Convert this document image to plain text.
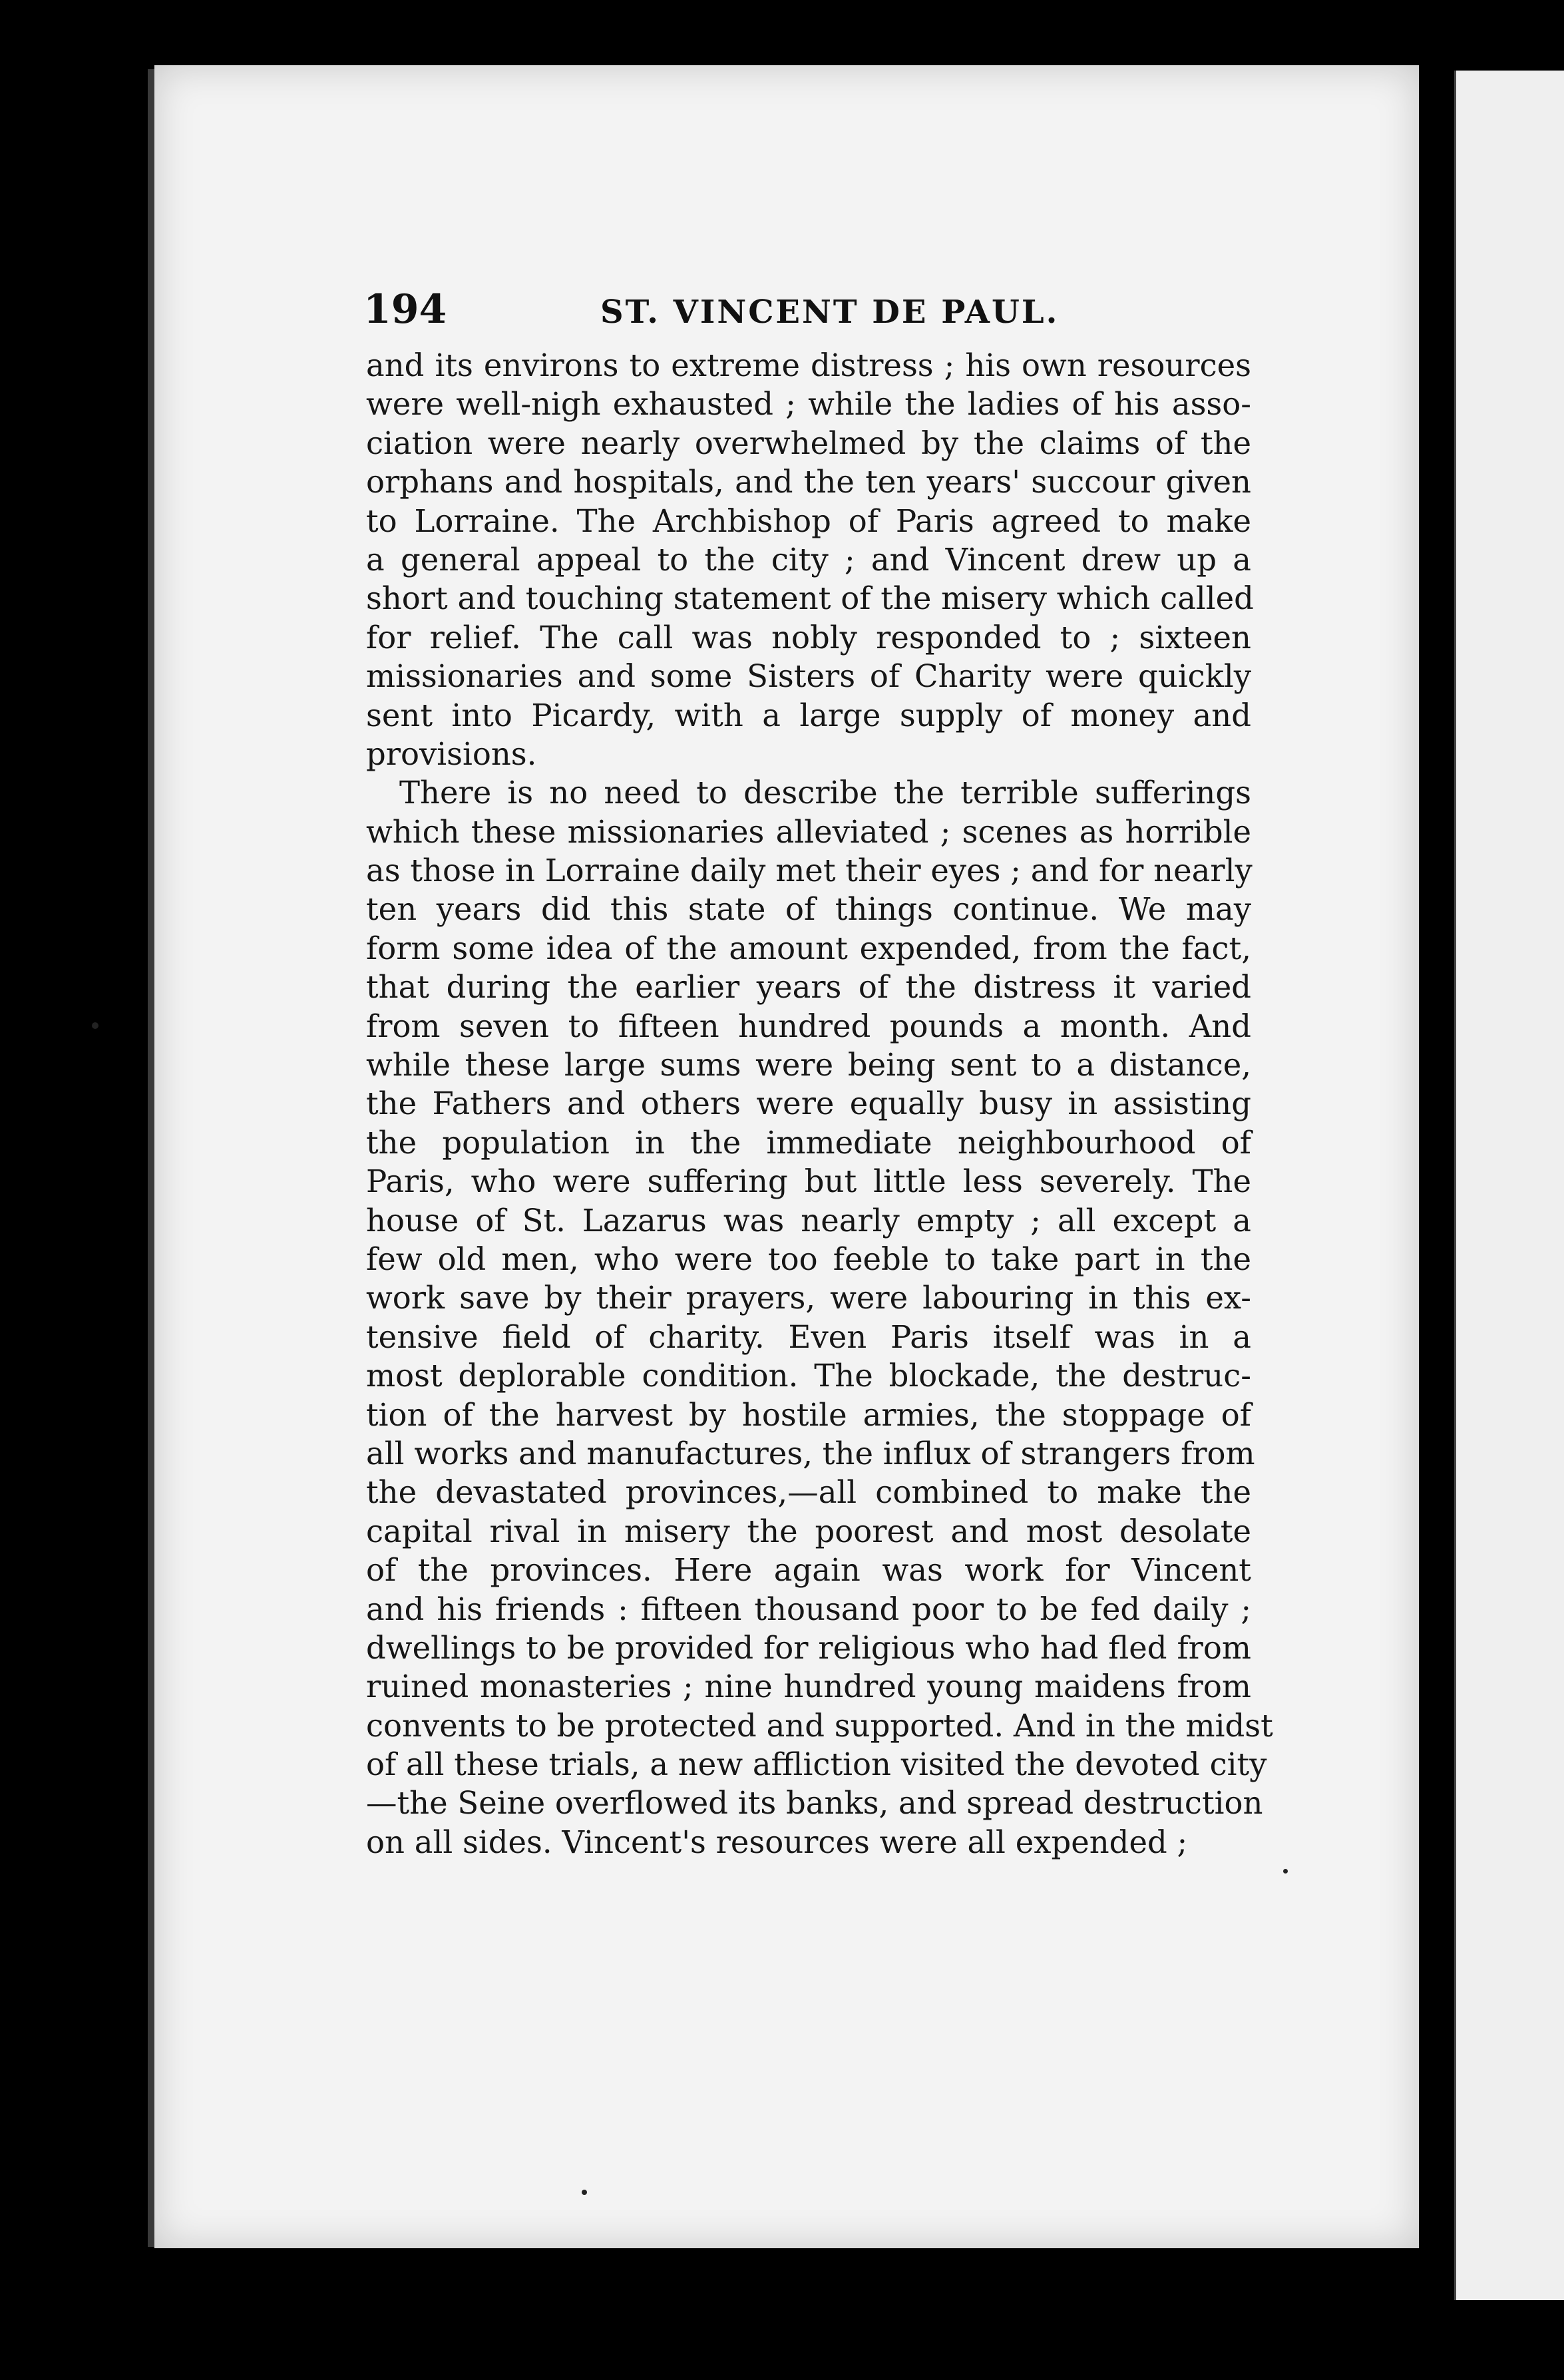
194	ST. VINCENT DE PAUL.
and its environs to extreme distress ; his own resources
were well-nigh exhausted ; while the ladies of his asso-
ciation were nearly overwhelmed by the claims of the
orphans and hospitals, and the ten years' succour given
to Lorraine. The Archbishop of Paris agreed to make
a general appeal to the city ; and Vincent drew up a
short and touching statement of the misery which called
for relief. The call was nobly responded to ; sixteen
missionaries and some Sisters of Charity were quickly
sent into Picardy, with a large supply of money and
provisions.
There is no need to describe the terrible sufferings
which these missionaries alleviated ; scenes as horrible
as those in Lorraine daily met their eyes ; and for nearly
ten years did this state of things continue. We may
form some idea of the amount expended, from the fact,
that during the earlier years of the distress it varied
from seven to fifteen hundred pounds a month. And
while these large sums were being sent to a distance,
the Fathers and others were equally busy in assisting
the population in the immediate neighbourhood of
Paris, who were suffering but little less severely. The
house of St. Lazarus was nearly empty ; all except a
few old men, who were too feeble to take part in the
work save by their prayers, were labouring in this ex-
tensive field of charity. Even Paris itself was in a
most deplorable condition. The blockade, the destruc-
tion of the harvest by hostile armies, the stoppage of
all works and manufactures, the influx of strangers from
the devastated provinces,—all combined to make the
capital rival in misery the poorest and most desolate
of the provinces. Here again was work for Vincent
and his friends : fifteen thousand poor to be fed daily ;
dwellings to be provided for religious who had fled from
ruined monasteries ; nine hundred young maidens from
convents to be protected and supported. And in the midst
of all these trials, a new affliction visited the devoted city
—the Seine overflowed its banks, and spread destruction
on all sides. Vincent's resources were all expended ;
